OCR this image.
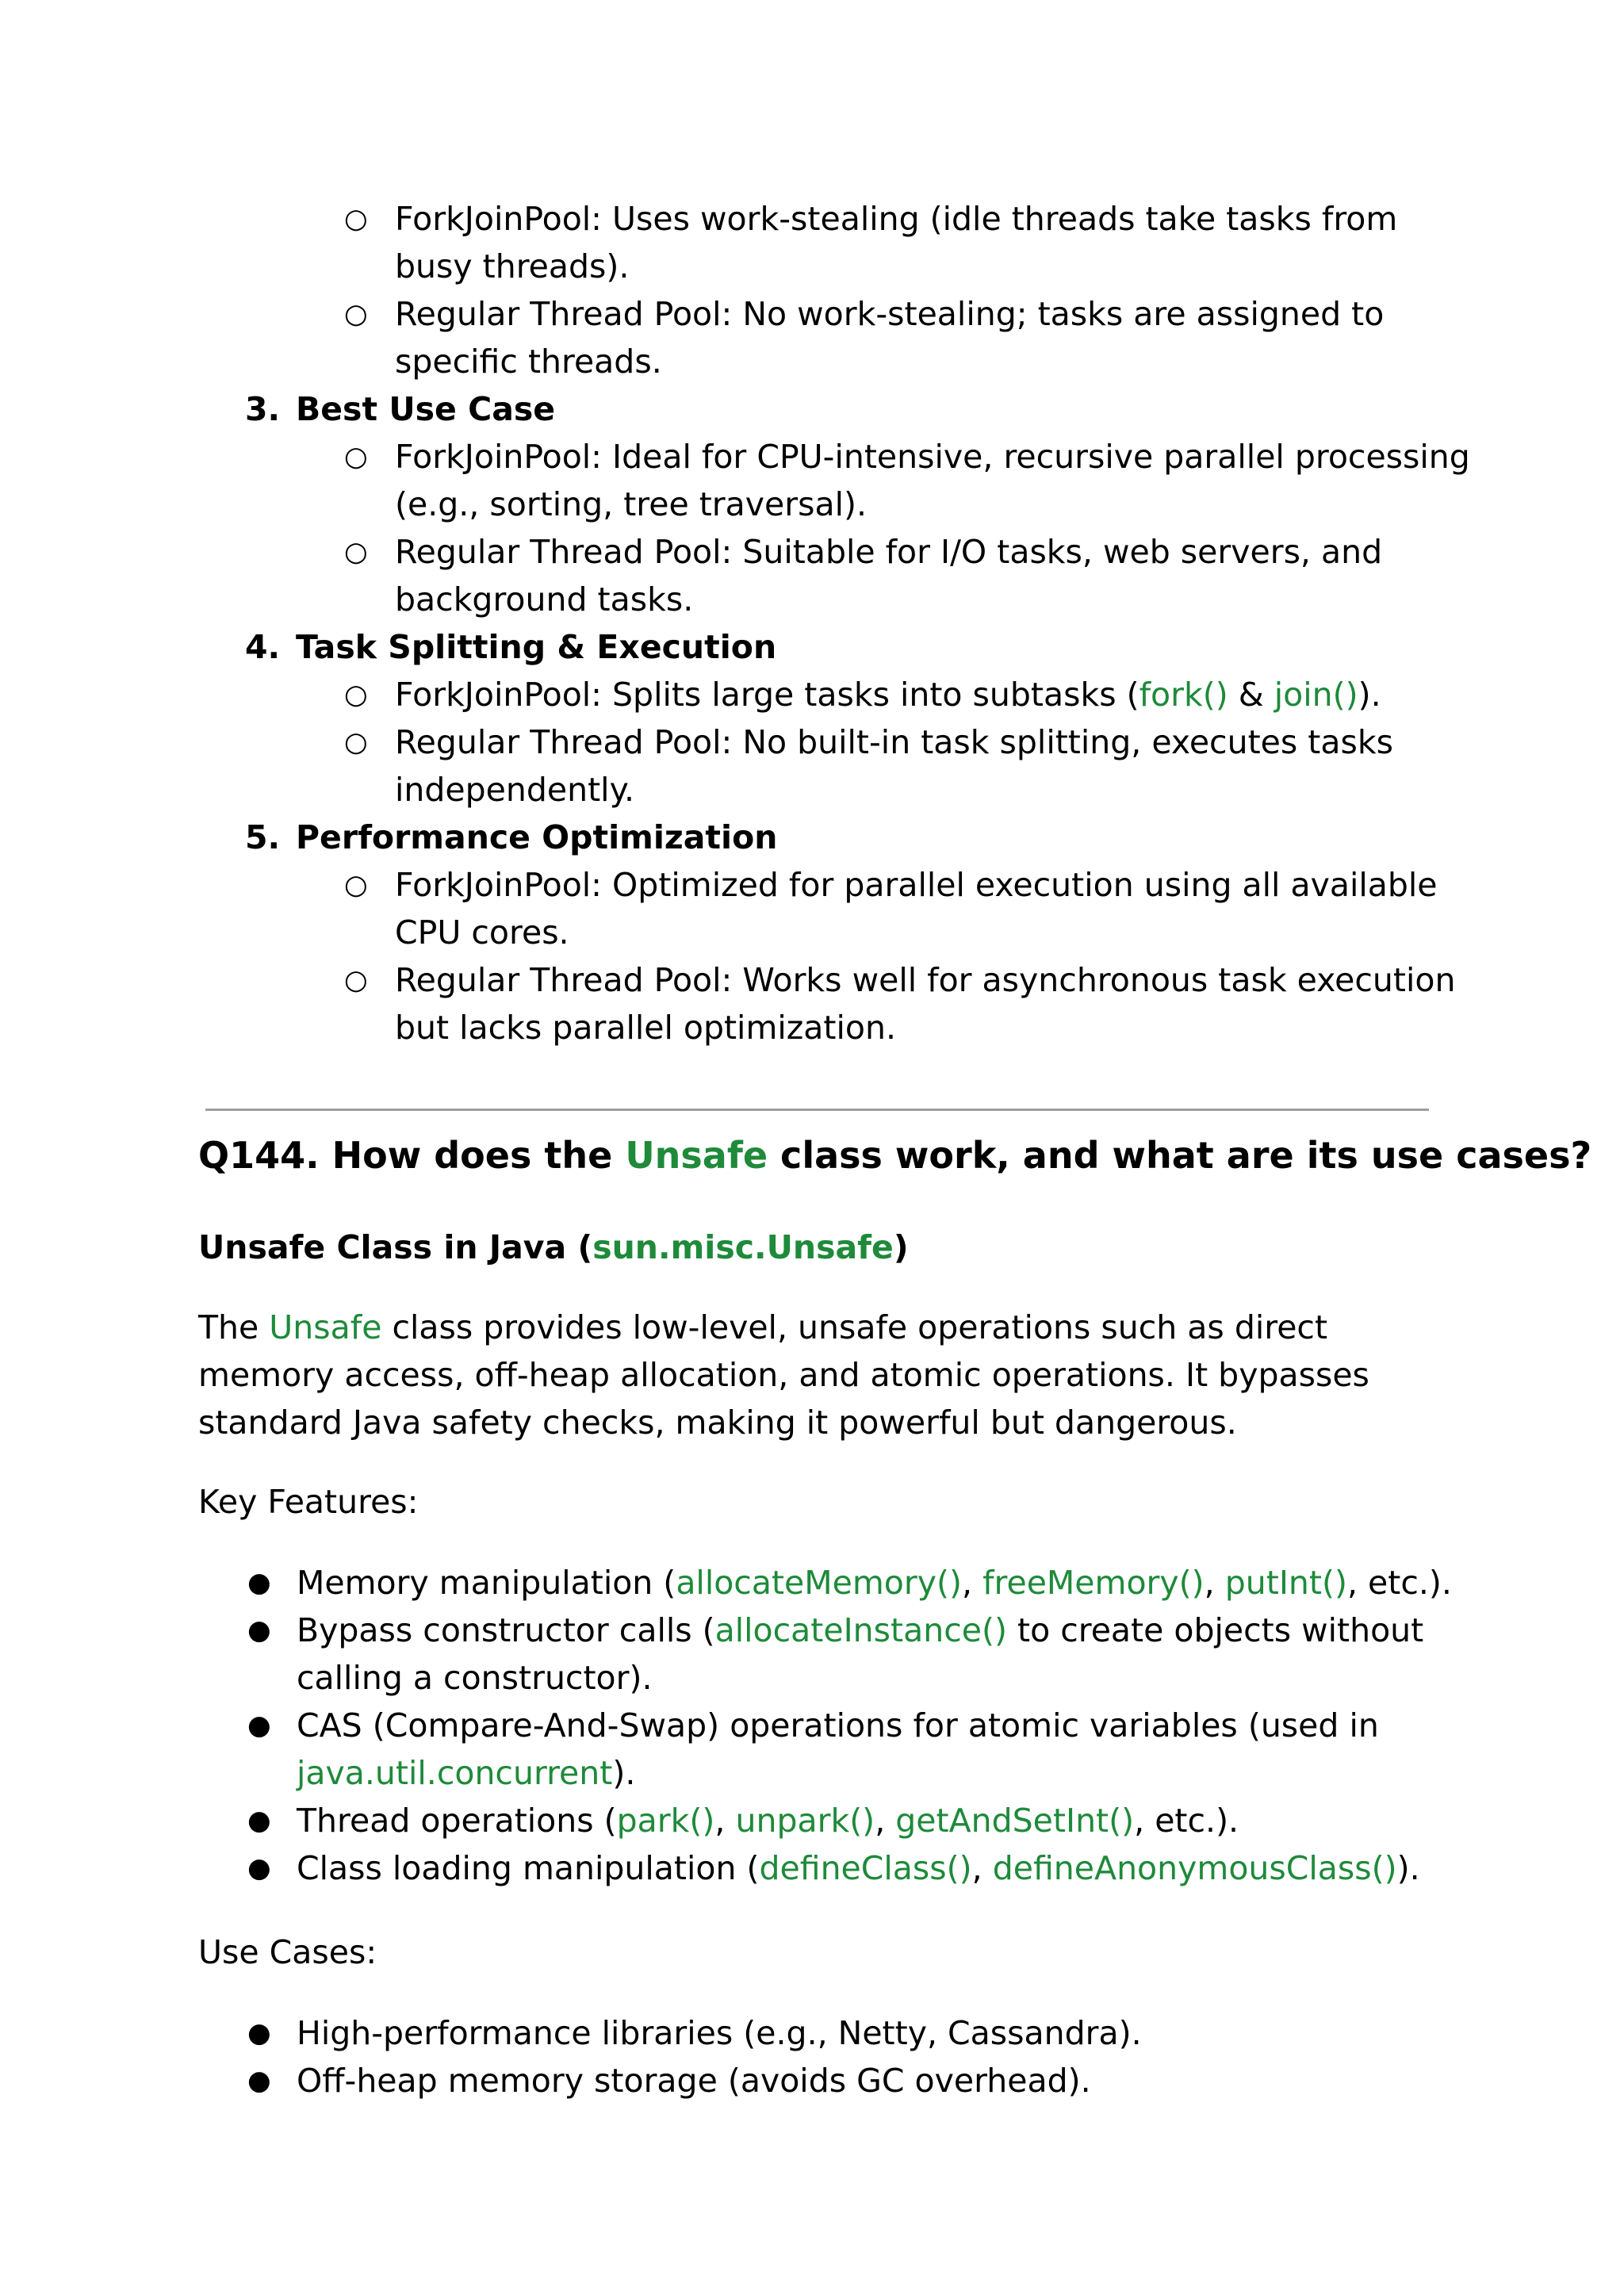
○ ForkJoinPool: Uses work-stealing (idle threads take tasks from busy threads).
○ Regular Thread Pool: No work-stealing; tasks are assigned to specific threads.
3. Best Use Case
○ ForkJoinPool: Ideal for CPU-intensive, recursive parallel processing (e.g., sorting, tree traversal).
○ Regular Thread Pool: Suitable for I/O tasks, web servers, and background tasks.
4. Task Splitting & Execution
○ ForkJoinPool: Splits large tasks into subtasks (fork() & join()).
○ Regular Thread Pool: No built-in task splitting, executes tasks independently.
5. Performance Optimization
○ ForkJoinPool: Optimized for parallel execution using all available CPU cores.
○ Regular Thread Pool: Works well for asynchronous task execution but lacks parallel optimization.
Q144. How does the Unsafe class work, and what are its use cases?
Unsafe Class in Java (sun.misc.Unsafe)
The Unsafe class provides low-level, unsafe operations such as direct memory access, off-heap allocation, and atomic operations. It bypasses standard Java safety checks, making it powerful but dangerous.
Key Features:
● Memory manipulation (allocateMemory(), freeMemory(), putInt(), etc.).
● Bypass constructor calls (allocateInstance() to create objects without calling a constructor).
● CAS (Compare-And-Swap) operations for atomic variables (used in java.util.concurrent).
● Thread operations (park(), unpark(), getAndSetInt(), etc.).
● Class loading manipulation (defineClass(), defineAnonymousClass()).
Use Cases:
● High-performance libraries (e.g., Netty, Cassandra).
● Off-heap memory storage (avoids GC overhead).
